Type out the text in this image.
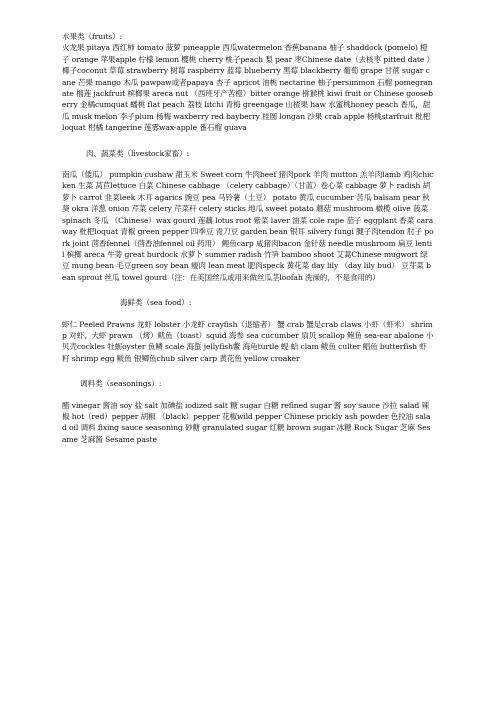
水果类（fruits）:

火龙果 pitaya 西红柿 tomato 菠萝 pineapple 西瓜watermelon 香蕉banana 柚子 shaddock (pomelo) 橙子 orange 苹果apple 柠檬 lemon 樱桃 cherry 桃子peach 梨 pear 枣Chinese date（去核枣 pitted date ）椰子coconut 草莓 strawberry 树莓 raspberry 蓝莓 blueberry 黑莓 blackberry 葡萄 grape 甘蔗 sugar cane 芒果 mango 木瓜 pawpaw或者papaya 杏子 apricot 油桃 nectarine 柚子persimmon 石榴 pomegranate 榴莲 jackfruit 槟榔果 areca nut （西班牙产苦橙）bitter orange 猕猴桃 kiwi fruit or Chinese gooseberry 金橘cumquat 蟠桃 flat peach 荔枝 litchi 青梅 greengage 山楂果 haw 水蜜桃honey peach 香瓜，甜瓜 musk melon 李子plum 杨梅 waxberry red bayberry 桂圆 longan 沙果 crab apple 杨桃starfruit 枇杷 loquat 柑橘 tangerine 莲雾wax-apple 番石榴 guava

肉、蔬菜类（livestock家畜）:

南瓜（倭瓜） pumpkin cushaw 甜玉米 Sweet corn 牛肉beef 猪肉pork 羊肉 mutton 羔羊肉lamb 鸡肉chicken 生菜 莴苣lettuce 白菜 Chinese cabbage （celery cabbage）（甘蓝）卷心菜 cabbage 萝卜 radish 胡萝卜 carrot 韭菜leek 木耳 agarics 豌豆 pea 马铃薯（土豆） potato 黄瓜 cucumber 苦瓜 balsam pear 秋葵 okra 洋葱 onion 芹菜 celery 芹菜秆 celery sticks 地瓜 sweet potato 蘑菇 mushroom 橄榄 olive 菠菜 spinach 冬瓜 （Chinese）wax gourd 莲藕 lotus root 紫菜 laver 油菜 cole rape 茄子 eggplant 香菜 caraway 枇杷loquat 青椒 green pepper 四季豆 青刀豆 garden bean 银耳 silvery fungi 腱子肉tendon 肘子 pork joint 茴香fennel（茴香油fennel oil 药用） 鲤鱼carp 咸猪肉bacon 金针菇 needle mushroom 扁豆 lentil 槟榔 areca 牛蒡 great burdock 水萝卜 summer radish 竹笋 bamboo shoot 艾蒿Chinese mugwort 绿豆 mung bean 毛豆green soy bean 瘦肉 lean meat 肥肉speck 黄花菜 day lily （day lily bud） 豆芽菜 bean sprout 丝瓜 towel gourd（注：在美国丝瓜或用来做丝瓜茎loofah 洗澡的，不是食用的）

海鲜类（sea food）:

虾仁 Peeled Prawns 龙虾 lobster 小龙虾 crayfish（退缩者） 蟹 crab 蟹足crab claws 小虾（虾米） shrimp 对虾、大虾 prawn （烤）鱿鱼（toast）squid 海参 sea cucumber 扇贝 scallop 鲍鱼 sea-ear abalone 小贝壳cockles 牡蛎oyster 鱼鳞 scale 海蜇 jellyfish鳖 海龟turtle 蚬 蛤 clam 鲅鱼 culter 鲳鱼 butterfish 虾籽 shrimp egg 鲅鱼 银鲫鱼chub silver carp 黄花鱼 yellow croaker

调料类（seasonings）:

醋 vinegar 酱油 soy 盐 salt 加碘盐 iodized salt 糖 sugar 白糖 refined sugar 酱 soy sauce 沙拉 salad 辣椒 hot（red）pepper 胡椒 （black）pepper 花椒wild pepper Chinese prickly ash powder 色拉油 salad oil 调料 fixing sauce seasoning 砂糖 granulated sugar 红糖 brown sugar 冰糖 Rock Sugar 芝麻 Sesame 芝麻酱 Sesame paste
